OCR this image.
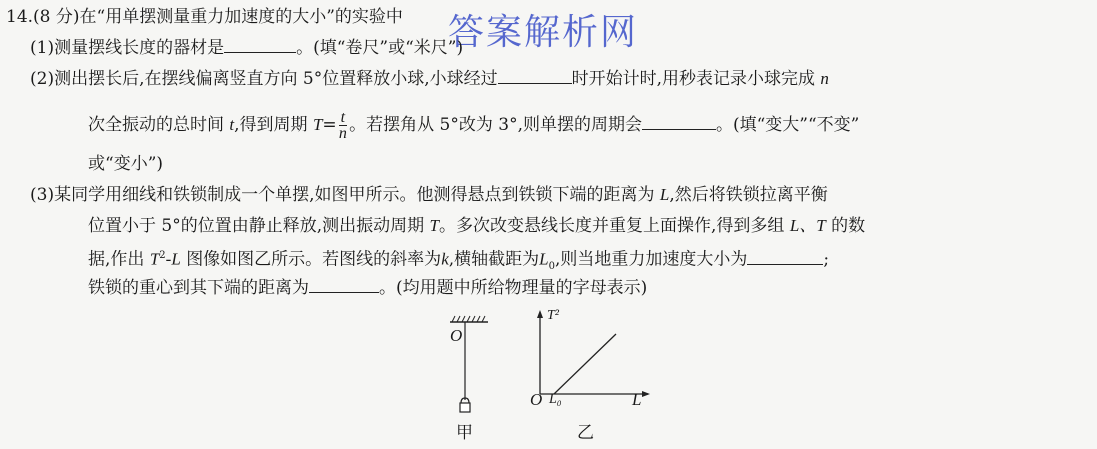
答案解析网
14.(8 分)在“用单摆测量重力加速度的大小”的实验中
(1)测量摆线长度的器材是	。(填“卷尺”或“米尺”)
(2)测出摆长后,在摆线偏离竖直方向 5°位置释放小球,小球经过	时开始计时,用秒表记录小球完成 n
次全振动的总时间 t,得到周期 $T= \frac{t}{n}$ 。若摆角从 5°改为 3°,则单摆的周期会	。(填“变大”“不变”
或“变小”)
(3)某同学用细线和铁锁制成一个单摆,如图甲所示。他测得悬点到铁锁下端的距离为 L,然后将铁锁拉离平衡
位置小于 5°的位置由静止释放,测出振动周期 T。多次改变悬线长度并重复上面操作,得到多组 L、T 的数
据,作出 $T^2-L$ 图像如图乙所示。若图线的斜率为k,横轴截距为$L_0$,则当地重力加速度大小为	;
铁锁的重心到其下端的距离为	。(均用题中所给物理量的字母表示)
O
甲
T²
O L₀	L
乙
